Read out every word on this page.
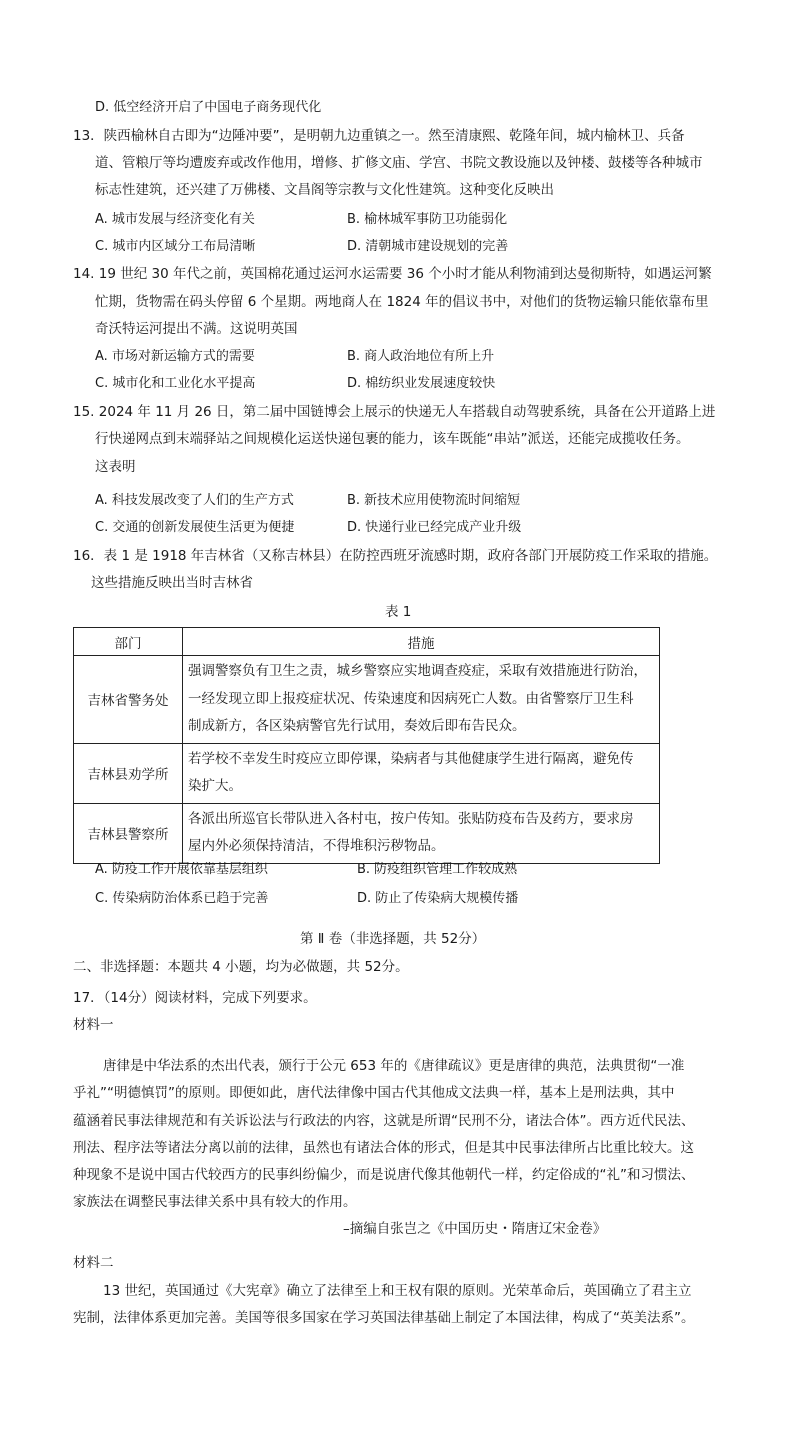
D. 低空经济开启了中国电子商务现代化
13．陕西榆林自古即为“边陲冲要”，是明朝九边重镇之一。然至清康熙、乾隆年间，城内榆林卫、兵备
道、管粮厅等均遭废弃或改作他用，增修、扩修文庙、学宫、书院文教设施以及钟楼、鼓楼等各种城市
标志性建筑，还兴建了万佛楼、文昌阁等宗教与文化性建筑。这种变化反映出
A. 城市发展与经济变化有关	B. 榆林城军事防卫功能弱化
C. 城市内区域分工布局清晰	D. 清朝城市建设规划的完善
14. 19 世纪 30 年代之前，英国棉花通过运河水运需要 36 个小时才能从利物浦到达曼彻斯特，如遇运河繁
忙期，货物需在码头停留 6 个星期。两地商人在 1824 年的倡议书中，对他们的货物运输只能依靠布里
奇沃特运河提出不满。这说明英国
A. 市场对新运输方式的需要	B. 商人政治地位有所上升
C. 城市化和工业化水平提高	D. 棉纺织业发展速度较快
15. 2024 年 11 月 26 日，第二届中国链博会上展示的快递无人车搭载自动驾驶系统，具备在公开道路上进
行快递网点到末端驿站之间规模化运送快递包裹的能力，该车既能“串站”派送，还能完成揽收任务。
这表明
A. 科技发展改变了人们的生产方式	B. 新技术应用使物流时间缩短
C. 交通的创新发展使生活更为便捷	D. 快递行业已经完成产业升级
16．表 1 是 1918 年吉林省（又称吉林县）在防控西班牙流感时期，政府各部门开展防疫工作采取的措施。
这些措施反映出当时吉林省
表 1
部门	措施
吉林省警务处	强调警察负有卫生之责，城乡警察应实地调查疫症，采取有效措施进行防治，
一经发现立即上报疫症状况、传染速度和因病死亡人数。由省警察厅卫生科
制成新方，各区染病警官先行试用，奏效后即布告民众。

吉林县劝学所	若学校不幸发生时疫应立即停课，染病者与其他健康学生进行隔离，避免传
染扩大。

吉林县警察所	各派出所巡官长带队进入各村屯，按户传知。张贴防疫布告及药方，要求房
屋内外必须保持清洁，不得堆积污秽物品。
A. 防疫工作开展依靠基层组织	B. 防疫组织管理工作较成熟
C. 传染病防治体系已趋于完善	D. 防止了传染病大规模传播
第 Ⅱ 卷（非选择题，共 52分）
二、非选择题：本题共 4 小题，均为必做题，共 52分。
17．（14分）阅读材料，完成下列要求。
材料一
唐律是中华法系的杰出代表，颁行于公元 653 年的《唐律疏议》更是唐律的典范，法典贯彻“一准
乎礼”“明德慎罚”的原则。即便如此，唐代法律像中国古代其他成文法典一样，基本上是刑法典，其中
蕴涵着民事法律规范和有关诉讼法与行政法的内容，这就是所谓“民刑不分，诸法合体”。西方近代民法、
刑法、程序法等诸法分离以前的法律，虽然也有诸法合体的形式，但是其中民事法律所占比重比较大。这
种现象不是说中国古代较西方的民事纠纷偏少，而是说唐代像其他朝代一样，约定俗成的“礼”和习惯法、
家族法在调整民事法律关系中具有较大的作用。
–摘编自张岂之《中国历史・隋唐辽宋金卷》
材料二
13 世纪，英国通过《大宪章》确立了法律至上和王权有限的原则。光荣革命后，英国确立了君主立
宪制，法律体系更加完善。美国等很多国家在学习英国法律基础上制定了本国法律，构成了“英美法系”。
